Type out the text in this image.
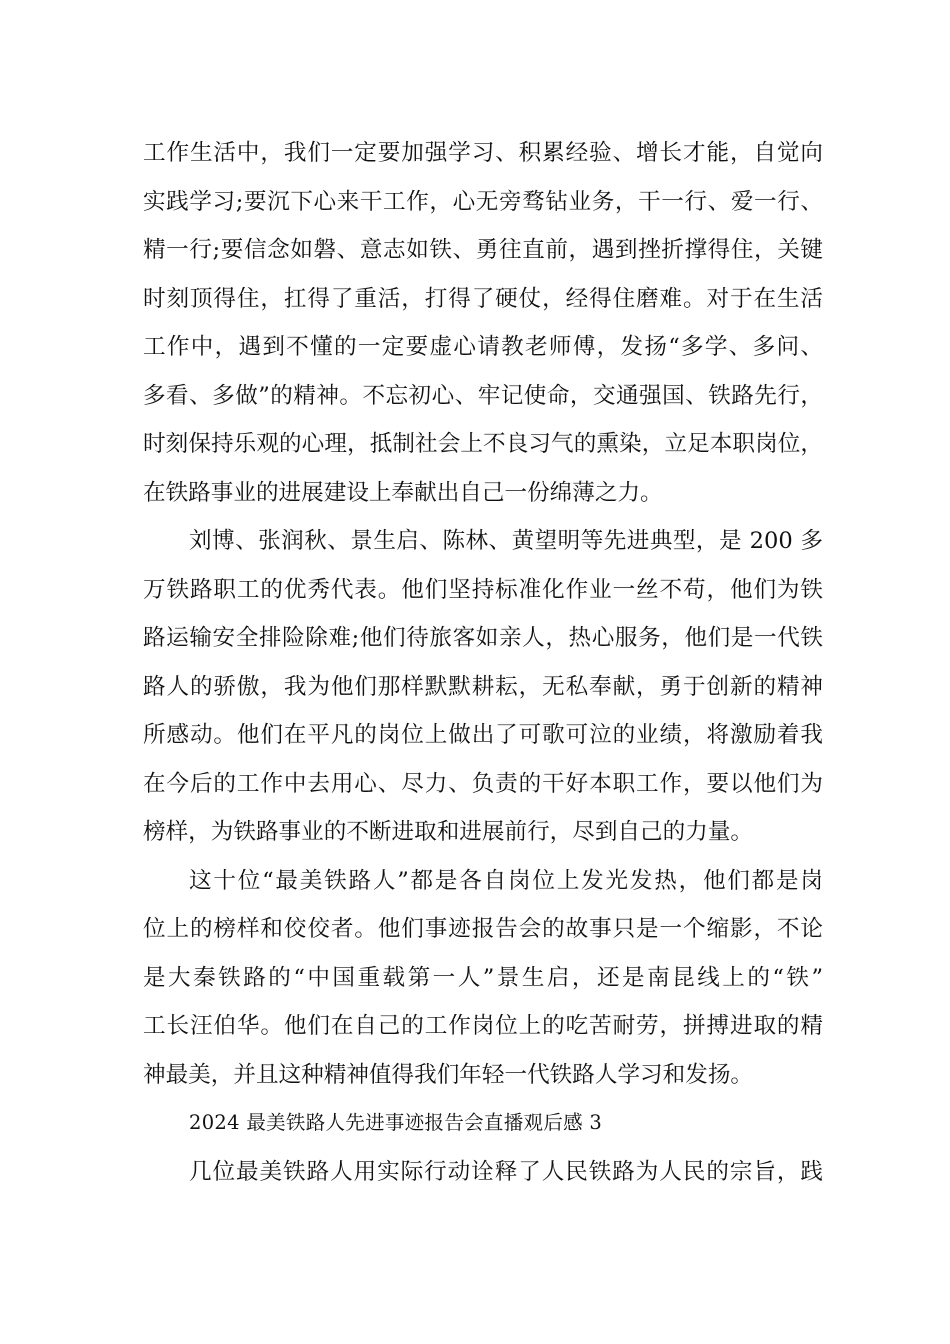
工作生活中，我们一定要加强学习、积累经验、增长才能，自觉向
实践学习;要沉下心来干工作，心无旁骛钻业务，干一行、爱一行、
精一行;要信念如磐、意志如铁、勇往直前，遇到挫折撑得住，关键
时刻顶得住，扛得了重活，打得了硬仗，经得住磨难。对于在生活
工作中，遇到不懂的一定要虚心请教老师傅，发扬“多学、多问、
多看、多做”的精神。不忘初心、牢记使命，交通强国、铁路先行，
时刻保持乐观的心理，抵制社会上不良习气的熏染，立足本职岗位，
在铁路事业的进展建设上奉献出自己一份绵薄之力。
刘博、张润秋、景生启、陈林、黄望明等先进典型，是 200 多
万铁路职工的优秀代表。他们坚持标准化作业一丝不苟，他们为铁
路运输安全排险除难;他们待旅客如亲人，热心服务，他们是一代铁
路人的骄傲，我为他们那样默默耕耘，无私奉献，勇于创新的精神
所感动。他们在平凡的岗位上做出了可歌可泣的业绩，将激励着我
在今后的工作中去用心、尽力、负责的干好本职工作，要以他们为
榜样，为铁路事业的不断进取和进展前行，尽到自己的力量。
这十位“最美铁路人”都是各自岗位上发光发热，他们都是岗
位上的榜样和佼佼者。他们事迹报告会的故事只是一个缩影，不论
是大秦铁路的“中国重载第一人”景生启，还是南昆线上的“铁”
工长汪伯华。他们在自己的工作岗位上的吃苦耐劳，拼搏进取的精
神最美，并且这种精神值得我们年轻一代铁路人学习和发扬。
2024 最美铁路人先进事迹报告会直播观后感 3
几位最美铁路人用实际行动诠释了人民铁路为人民的宗旨，践
